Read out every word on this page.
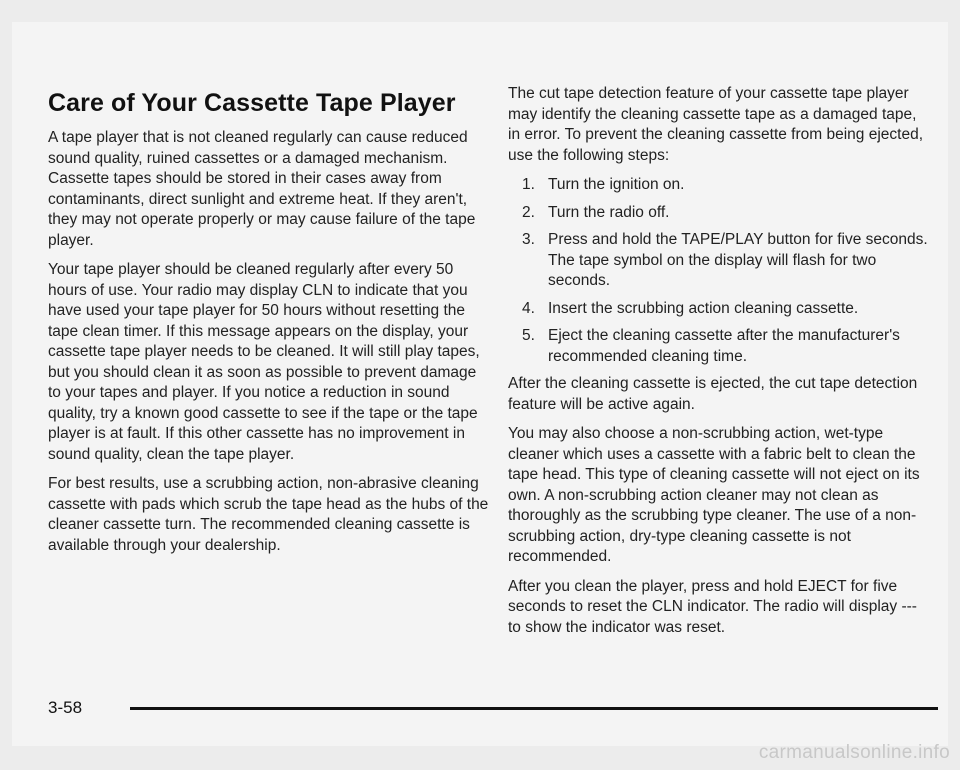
Care of Your Cassette Tape Player

A tape player that is not cleaned regularly can cause reduced sound quality, ruined cassettes or a damaged mechanism. Cassette tapes should be stored in their cases away from contaminants, direct sunlight and extreme heat. If they aren't, they may not operate properly or may cause failure of the tape player.

Your tape player should be cleaned regularly after every 50 hours of use. Your radio may display CLN to indicate that you have used your tape player for 50 hours without resetting the tape clean timer. If this message appears on the display, your cassette tape player needs to be cleaned. It will still play tapes, but you should clean it as soon as possible to prevent damage to your tapes and player. If you notice a reduction in sound quality, try a known good cassette to see if the tape or the tape player is at fault. If this other cassette has no improvement in sound quality, clean the tape player.

For best results, use a scrubbing action, non-abrasive cleaning cassette with pads which scrub the tape head as the hubs of the cleaner cassette turn. The recommended cleaning cassette is available through your dealership.

The cut tape detection feature of your cassette tape player may identify the cleaning cassette tape as a damaged tape, in error. To prevent the cleaning cassette from being ejected, use the following steps:

1. Turn the ignition on.
2. Turn the radio off.
3. Press and hold the TAPE/PLAY button for five seconds. The tape symbol on the display will flash for two seconds.
4. Insert the scrubbing action cleaning cassette.
5. Eject the cleaning cassette after the manufacturer's recommended cleaning time.

After the cleaning cassette is ejected, the cut tape detection feature will be active again.

You may also choose a non-scrubbing action, wet-type cleaner which uses a cassette with a fabric belt to clean the tape head. This type of cleaning cassette will not eject on its own. A non-scrubbing action cleaner may not clean as thoroughly as the scrubbing type cleaner. The use of a non-scrubbing action, dry-type cleaning cassette is not recommended.

After you clean the player, press and hold EJECT for five seconds to reset the CLN indicator. The radio will display --- to show the indicator was reset.

3-58
carmanualsonline.info
